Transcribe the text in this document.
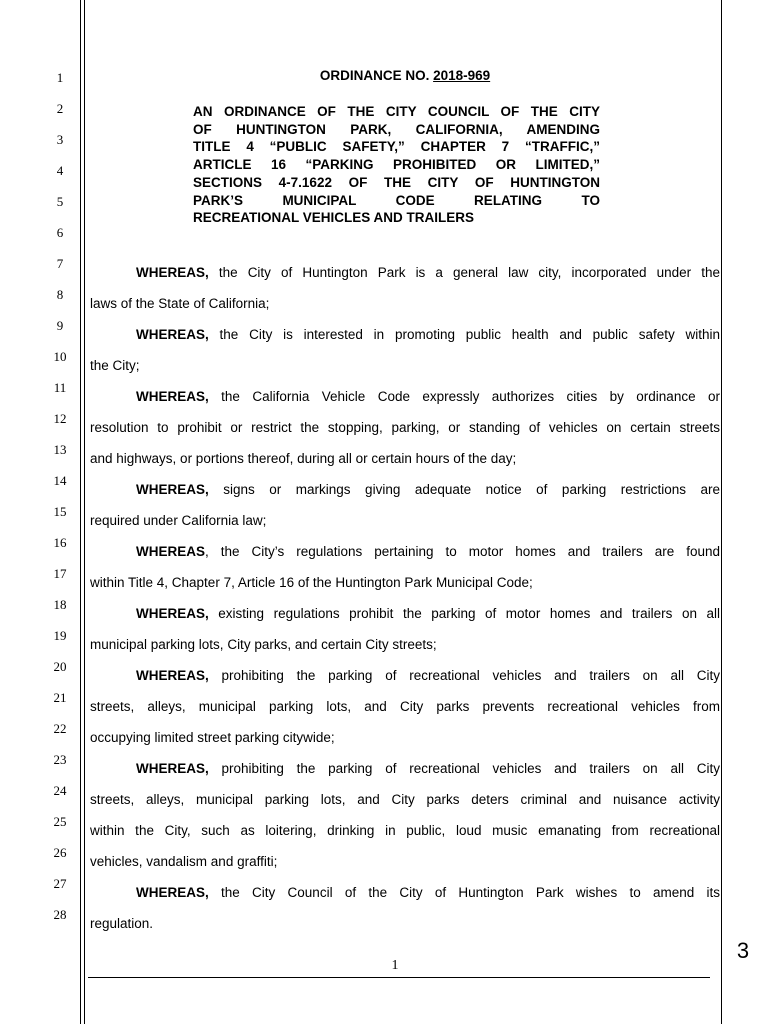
1
2
3
4
5
6
7
8
9
10
11
12
13
14
15
16
17
18
19
20
21
22
23
24
25
26
27
28
ORDINANCE NO. 2018-969
AN ORDINANCE OF THE CITY COUNCIL OF THE CITY
OF HUNTINGTON PARK, CALIFORNIA, AMENDING
TITLE 4 “PUBLIC SAFETY,” CHAPTER 7 “TRAFFIC,”
ARTICLE 16 “PARKING PROHIBITED OR LIMITED,”
SECTIONS 4-7.1622 OF THE CITY OF HUNTINGTON
PARK’S MUNICIPAL CODE RELATING TO
RECREATIONAL VEHICLES AND TRAILERS
WHEREAS, the City of Huntington Park is a general law city, incorporated under the
laws of the State of California;
WHEREAS, the City is interested in promoting public health and public safety within
the City;
WHEREAS, the California Vehicle Code expressly authorizes cities by ordinance or
resolution to prohibit or restrict the stopping, parking, or standing of vehicles on certain streets
and highways, or portions thereof, during all or certain hours of the day;
WHEREAS, signs or markings giving adequate notice of parking restrictions are
required under California law;
WHEREAS, the City’s regulations pertaining to motor homes and trailers are found
within Title 4, Chapter 7, Article 16 of the Huntington Park Municipal Code;
WHEREAS, existing regulations prohibit the parking of motor homes and trailers on all
municipal parking lots, City parks, and certain City streets;
WHEREAS, prohibiting the parking of recreational vehicles and trailers on all City
streets, alleys, municipal parking lots, and City parks prevents recreational vehicles from
occupying limited street parking citywide;
WHEREAS, prohibiting the parking of recreational vehicles and trailers on all City
streets, alleys, municipal parking lots, and City parks deters criminal and nuisance activity
within the City, such as loitering, drinking in public, loud music emanating from recreational
vehicles, vandalism and graffiti;
WHEREAS, the City Council of the City of Huntington Park wishes to amend its
regulation.
1
3
